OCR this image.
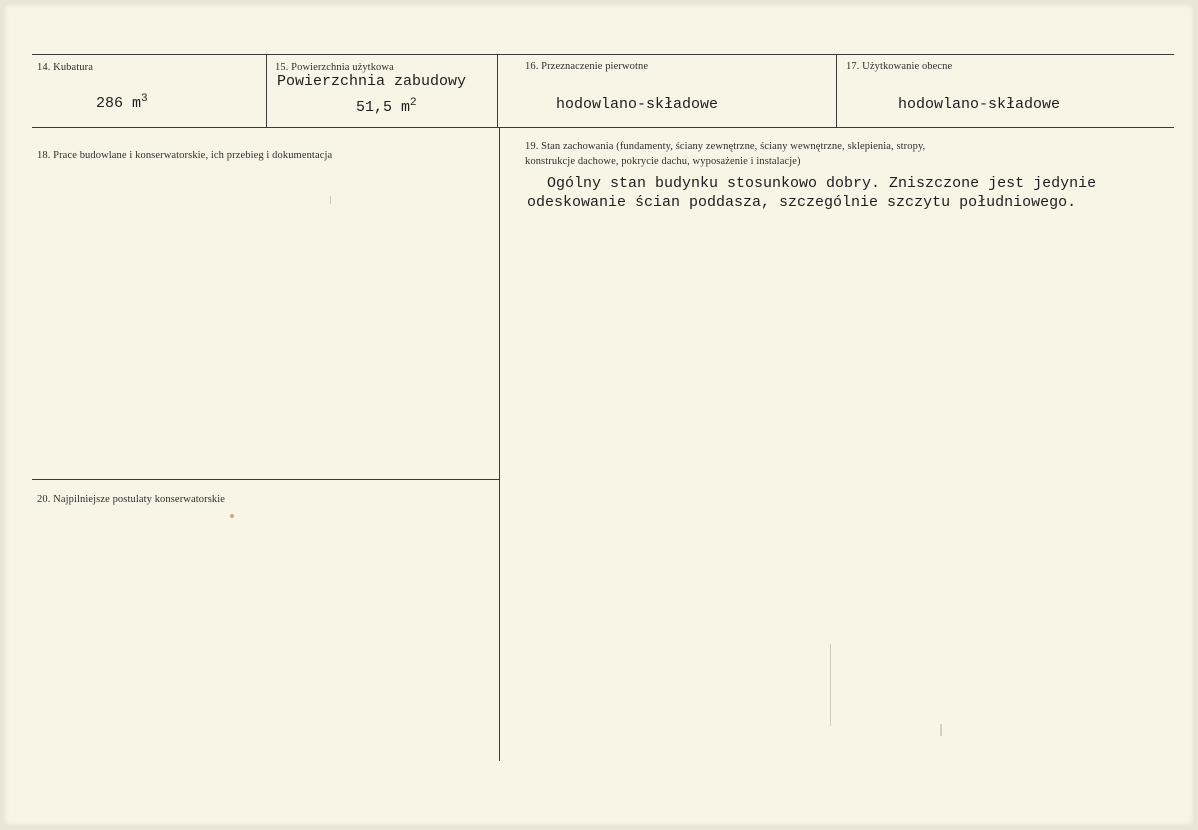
14. Kubatura
286 $m^3$
15. Powierzchnia użytkowa
Powierzchnia zabudowy
51,5 $m^2$
16. Przeznaczenie pierwotne
hodowlano-składowe
17. Użytkowanie obecne
hodowlano-składowe
18. Prace budowlane i konserwatorskie, ich przebieg i dokumentacja
19. Stan zachowania (fundamenty, ściany zewnętrzne, ściany wewnętrzne, sklepienia, stropy,
konstrukcje dachowe, pokrycie dachu, wyposażenie i instalacje)
Ogólny stan budynku stosunkowo dobry. Zniszczone jest jedynie
odeskowanie ścian poddasza, szczególnie szczytu południowego.
20. Najpilniejsze postulaty konserwatorskie
